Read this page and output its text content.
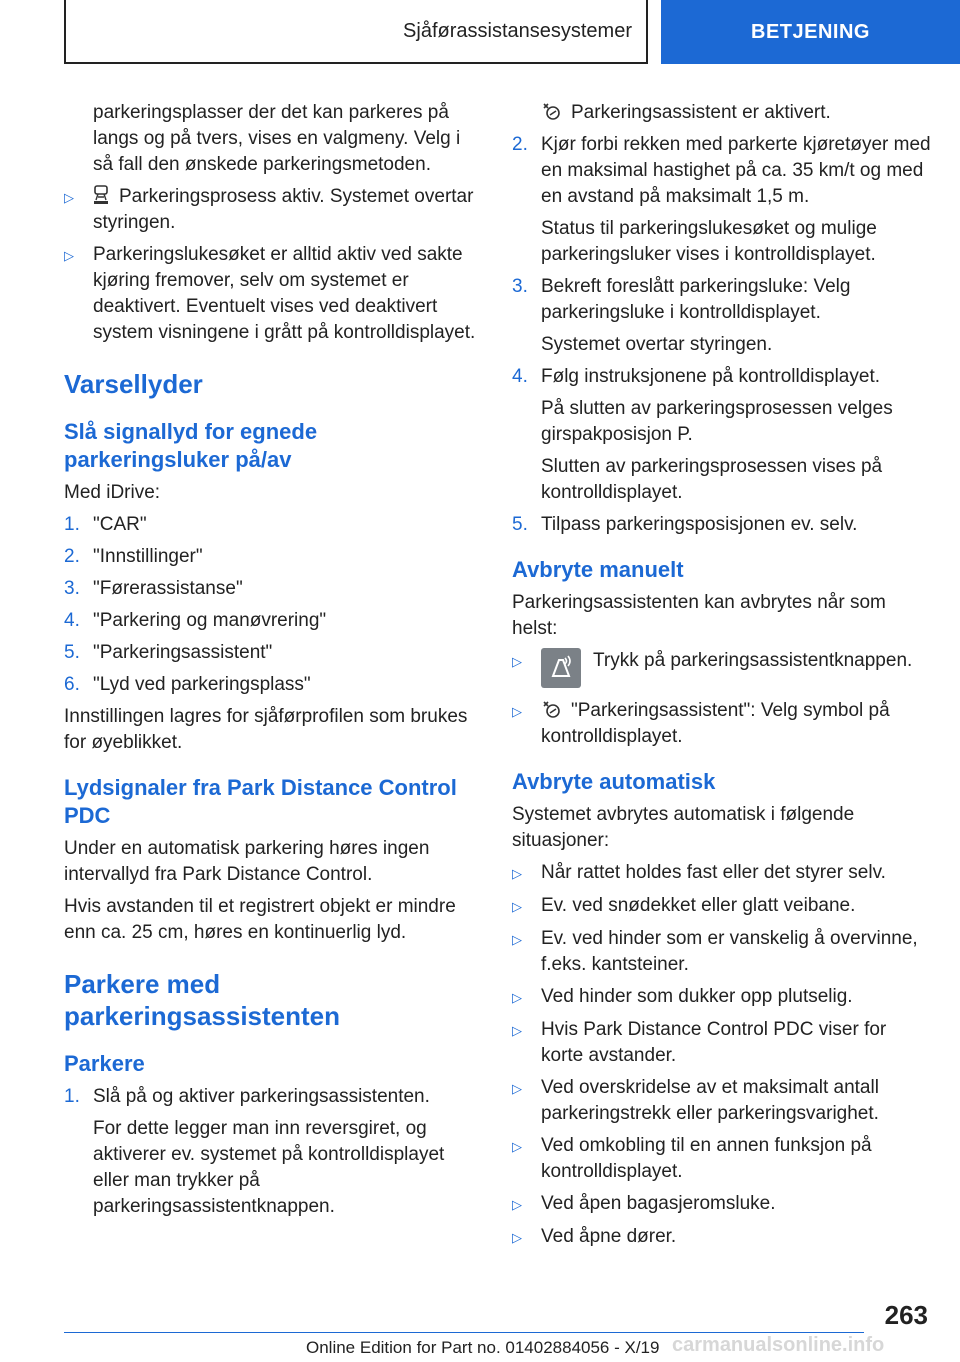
Sjåførassistansesystemer	BETJENING

parkeringsplasser der det kan parkeres på langs og på tvers, vises en valgmeny. Velg i så fall den ønskede parkeringsmetoden.

▷	Parkeringsprosess aktiv. Systemet overtar styringen.
▷	Parkeringslukesøket er alltid aktiv ved sakte kjøring fremover, selv om systemet er deaktivert. Eventuelt vises ved deaktivert system visningene i grått på kontrolldisplayet.
Varsellyder
Slå signallyd for egnede parkeringsluker på/av

Med iDrive:

1. "CAR"
2. "Innstillinger"
3. "Førerassistanse"
4. "Parkering og manøvrering"
5. "Parkeringsassistent"
6. "Lyd ved parkeringsplass"

Innstillingen lagres for sjåførprofilen som brukes for øyeblikket.

Lydsignaler fra Park Distance Control PDC

Under en automatisk parkering høres ingen intervallyd fra Park Distance Control.

Hvis avstanden til et registrert objekt er mindre enn ca. 25 cm, høres en kontinuerlig lyd.

Parkere med parkeringsassistenten
Parkere
1. Slå på og aktiver parkeringsassistenten.

For dette legger man inn reversgiret, og aktiverer ev. systemet på kontrolldisplayet eller man trykker på parkeringsassistentknappen.

Parkeringsassistent er aktivert.

2. Kjør forbi rekken med parkerte kjøretøyer med en maksimal hastighet på ca. 35 km/t og med en avstand på maksimalt 1,5 m.

Status til parkeringslukesøket og mulige parkeringsluker vises i kontrolldisplayet.

3. Bekreft foreslått parkeringsluke: Velg parkeringsluke i kontrolldisplayet.

Systemet overtar styringen.

4. Følg instruksjonene på kontrolldisplayet.

På slutten av parkeringsprosessen velges girspakposisjon P.

Slutten av parkeringsprosessen vises på kontrolldisplayet.

5. Tilpass parkeringsposisjonen ev. selv.
Avbryte manuelt

Parkeringsassistenten kan avbrytes når som helst:

▷	Trykk på parkeringsassistentknappen.
▷	"Parkeringsassistent": Velg symbol på kontrolldisplayet.
Avbryte automatisk

Systemet avbrytes automatisk i følgende situasjoner:

▷	Når rattet holdes fast eller det styrer selv.
▷	Ev. ved snødekket eller glatt veibane.
▷	Ev. ved hinder som er vanskelig å overvinne, f.eks. kantsteiner.
▷	Ved hinder som dukker opp plutselig.
▷	Hvis Park Distance Control PDC viser for korte avstander.
▷	Ved overskridelse av et maksimalt antall parkeringstrekk eller parkeringsvarighet.
▷	Ved omkobling til en annen funksjon på kontrolldisplayet.
▷	Ved åpen bagasjeromsluke.
▷	Ved åpne dører.
263
carmanualsonline.info
Online Edition for Part no. 01402884056 - X/19
